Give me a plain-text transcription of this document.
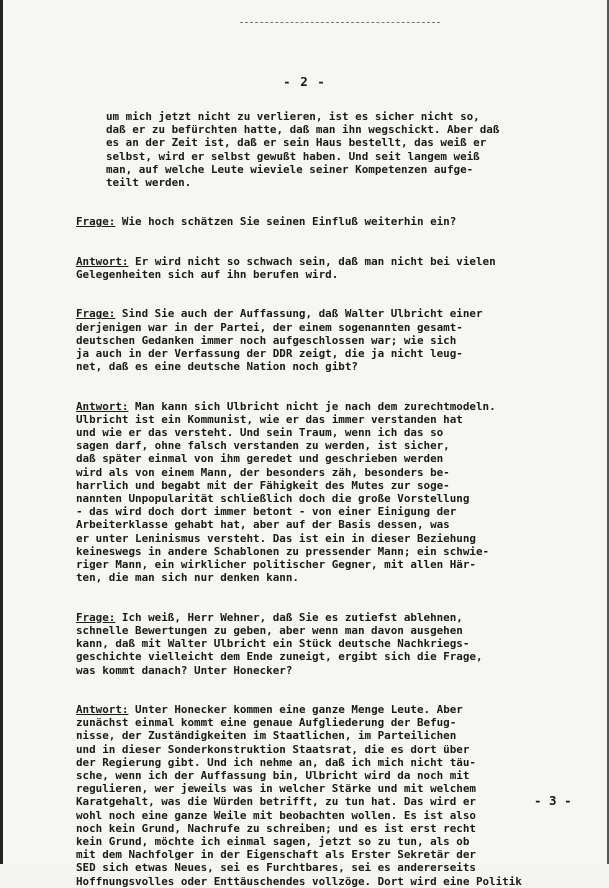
- 2 -

um mich jetzt nicht zu verlieren, ist es sicher nicht so,
daß er zu befürchten hatte, daß man ihn wegschickt. Aber daß
es an der Zeit ist, daß er sein Haus bestellt, das weiß er
selbst, wird er selbst gewußt haben. Und seit langem weiß
man, auf welche Leute wieviele seiner Kompetenzen aufge-
teilt werden.

Frage: Wie hoch schätzen Sie seinen Einfluß weiterhin ein?

Antwort: Er wird nicht so schwach sein, daß man nicht bei vielen
Gelegenheiten sich auf ihn berufen wird.

Frage: Sind Sie auch der Auffassung, daß Walter Ulbricht einer
derjenigen war in der Partei, der einem sogenannten gesamt-
deutschen Gedanken immer noch aufgeschlossen war; wie sich
ja auch in der Verfassung der DDR zeigt, die ja nicht leug-
net, daß es eine deutsche Nation noch gibt?

Antwort: Man kann sich Ulbricht nicht je nach dem zurechtmodeln.
Ulbricht ist ein Kommunist, wie er das immer verstanden hat
und wie er das versteht. Und sein Traum, wenn ich das so
sagen darf, ohne falsch verstanden zu werden, ist sicher,
daß später einmal von ihm geredet und geschrieben werden
wird als von einem Mann, der besonders zäh, besonders be-
harrlich und begabt mit der Fähigkeit des Mutes zur soge-
nannten Unpopularität schließlich doch die große Vorstellung
- das wird doch dort immer betont - von einer Einigung der
Arbeiterklasse gehabt hat, aber auf der Basis dessen, was
er unter Leninismus versteht. Das ist ein in dieser Beziehung
keineswegs in andere Schablonen zu pressender Mann; ein schwie-
riger Mann, ein wirklicher politischer Gegner, mit allen Här-
ten, die man sich nur denken kann.

Frage: Ich weiß, Herr Wehner, daß Sie es zutiefst ablehnen,
schnelle Bewertungen zu geben, aber wenn man davon ausgehen
kann, daß mit Walter Ulbricht ein Stück deutsche Nachkriegs-
geschichte vielleicht dem Ende zuneigt, ergibt sich die Frage,
was kommt danach? Unter Honecker?

Antwort: Unter Honecker kommen eine ganze Menge Leute. Aber
zunächst einmal kommt eine genaue Aufgliederung der Befug-
nisse, der Zuständigkeiten im Staatlichen, im Parteilichen
und in dieser Sonderkonstruktion Staatsrat, die es dort über
der Regierung gibt. Und ich nehme an, daß ich mich nicht täu-
sche, wenn ich der Auffassung bin, Ulbricht wird da noch mit
regulieren, wer jeweils was in welcher Stärke und mit welchem
Karatgehalt, was die Würden betrifft, zu tun hat. Das wird er
wohl noch eine ganze Weile mit beobachten wollen. Es ist also
noch kein Grund, Nachrufe zu schreiben; und es ist erst recht
kein Grund, möchte ich einmal sagen, jetzt so zu tun, als ob
mit dem Nachfolger in der Eigenschaft als Erster Sekretär der
SED sich etwas Neues, sei es Furchtbares, sei es andererseits
Hoffnungsvolles oder Enttäuschendes vollzöge. Dort wird eine Politik

- 3 -
